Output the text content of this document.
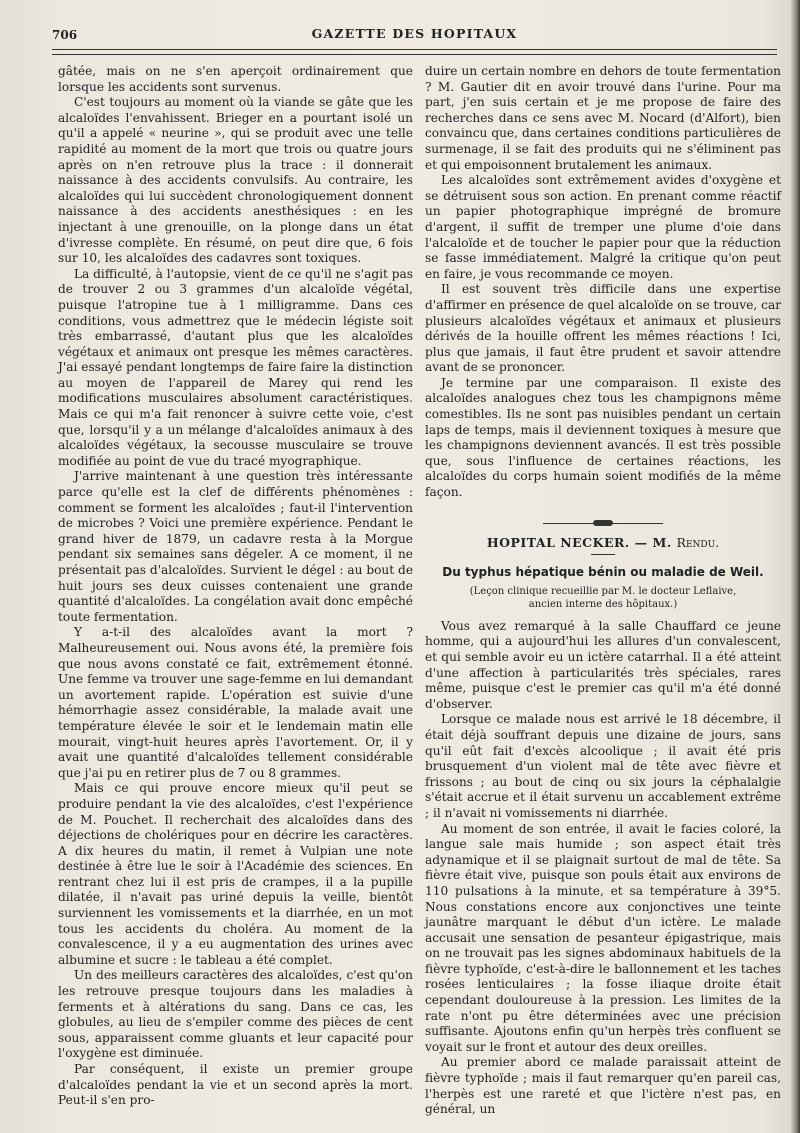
706	GAZETTE DES HOPITAUX

gâtée, mais on ne s'en aperçoit ordinairement que lorsque les accidents sont survenus.

C'est toujours au moment où la viande se gâte que les alcaloïdes l'envahissent. Brieger en a pourtant isolé un qu'il a appelé « neurine », qui se produit avec une telle rapidité au moment de la mort que trois ou quatre jours après on n'en retrouve plus la trace : il donnerait naissance à des accidents convulsifs. Au contraire, les alcaloïdes qui lui succèdent chronologiquement donnent naissance à des accidents anesthésiques : en les injectant à une grenouille, on la plonge dans un état d'ivresse complète. En résumé, on peut dire que, 6 fois sur 10, les alcaloïdes des cadavres sont toxiques.

La difficulté, à l'autopsie, vient de ce qu'il ne s'agit pas de trouver 2 ou 3 grammes d'un alcaloïde végétal, puisque l'atropine tue à 1 milligramme. Dans ces conditions, vous admettrez que le médecin légiste soit très embarrassé, d'autant plus que les alcaloïdes végétaux et animaux ont presque les mêmes caractères. J'ai essayé pendant longtemps de faire faire la distinction au moyen de l'appareil de Marey qui rend les modifications musculaires absolument caractéristiques. Mais ce qui m'a fait renoncer à suivre cette voie, c'est que, lorsqu'il y a un mélange d'alcaloïdes animaux à des alcaloïdes végétaux, la secousse musculaire se trouve modifiée au point de vue du tracé myographique.

J'arrive maintenant à une question très intéressante parce qu'elle est la clef de différents phénomènes : comment se forment les alcaloïdes ; faut-il l'intervention de microbes ? Voici une première expérience. Pendant le grand hiver de 1879, un cadavre resta à la Morgue pendant six semaines sans dégeler. A ce moment, il ne présentait pas d'alcaloïdes. Survient le dégel : au bout de huit jours ses deux cuisses contenaient une grande quantité d'alcaloïdes. La congélation avait donc empêché toute fermentation.

Y a-t-il des alcaloïdes avant la mort ? Malheureusement oui. Nous avons été, la première fois que nous avons constaté ce fait, extrêmement étonné. Une femme va trouver une sage-femme en lui demandant un avortement rapide. L'opération est suivie d'une hémorrhagie assez considérable, la malade avait une température élevée le soir et le lendemain matin elle mourait, vingt-huit heures après l'avortement. Or, il y avait une quantité d'alcaloïdes tellement considérable que j'ai pu en retirer plus de 7 ou 8 grammes.

Mais ce qui prouve encore mieux qu'il peut se produire pendant la vie des alcaloïdes, c'est l'expérience de M. Pouchet. Il recherchait des alcaloïdes dans des déjections de cholériques pour en décrire les caractères. A dix heures du matin, il remet à Vulpian une note destinée à être lue le soir à l'Académie des sciences. En rentrant chez lui il est pris de crampes, il a la pupille dilatée, il n'avait pas uriné depuis la veille, bientôt surviennent les vomissements et la diarrhée, en un mot tous les accidents du choléra. Au moment de la convalescence, il y a eu augmentation des urines avec albumine et sucre : le tableau a été complet.

Un des meilleurs caractères des alcaloïdes, c'est qu'on les retrouve presque toujours dans les maladies à ferments et à altérations du sang. Dans ce cas, les globules, au lieu de s'empiler comme des pièces de cent sous, apparaissent comme gluants et leur capacité pour l'oxygène est diminuée.

Par conséquent, il existe un premier groupe d'alcaloïdes pendant la vie et un second après la mort. Peut-il s'en pro-

duire un certain nombre en dehors de toute fermentation ? M. Gautier dit en avoir trouvé dans l'urine. Pour ma part, j'en suis certain et je me propose de faire des recherches dans ce sens avec M. Nocard (d'Alfort), bien convaincu que, dans certaines conditions particulières de surmenage, il se fait des produits qui ne s'éliminent pas et qui empoisonnent brutalement les animaux.

Les alcaloïdes sont extrêmement avides d'oxygène et se détruisent sous son action. En prenant comme réactif un papier photographique imprégné de bromure d'argent, il suffit de tremper une plume d'oie dans l'alcaloïde et de toucher le papier pour que la réduction se fasse immédiatement. Malgré la critique qu'on peut en faire, je vous recommande ce moyen.

Il est souvent très difficile dans une expertise d'affirmer en présence de quel alcaloïde on se trouve, car plusieurs alcaloïdes végétaux et animaux et plusieurs dérivés de la houille offrent les mêmes réactions ! Ici, plus que jamais, il faut être prudent et savoir attendre avant de se prononcer.

Je termine par une comparaison. Il existe des alcaloïdes analogues chez tous les champignons même comestibles. Ils ne sont pas nuisibles pendant un certain laps de temps, mais il deviennent toxiques à mesure que les champignons deviennent avancés. Il est très possible que, sous l'influence de certaines réactions, les alcaloïdes du corps humain soient modifiés de la même façon.

HOPITAL NECKER. — M. Rendu.
Du typhus hépatique bénin ou maladie de Weil.
(Leçon clinique recueillie par M. le docteur Leflaive,
ancien interne des hôpitaux.)

Vous avez remarqué à la salle Chauffard ce jeune homme, qui a aujourd'hui les allures d'un convalescent, et qui semble avoir eu un ictère catarrhal. Il a été atteint d'une affection à particularités très spéciales, rares même, puisque c'est le premier cas qu'il m'a été donné d'observer.

Lorsque ce malade nous est arrivé le 18 décembre, il était déjà souffrant depuis une dizaine de jours, sans qu'il eût fait d'excès alcoolique ; il avait été pris brusquement d'un violent mal de tête avec fièvre et frissons ; au bout de cinq ou six jours la céphalalgie s'était accrue et il était survenu un accablement extrême ; il n'avait ni vomissements ni diarrhée.

Au moment de son entrée, il avait le facies coloré, la langue sale mais humide ; son aspect était très adynamique et il se plaignait surtout de mal de tête. Sa fièvre était vive, puisque son pouls était aux environs de 110 pulsations à la minute, et sa température à 39°5. Nous constations encore aux conjonctives une teinte jaunâtre marquant le début d'un ictère. Le malade accusait une sensation de pesanteur épigastrique, mais on ne trouvait pas les signes abdominaux habituels de la fièvre typhoïde, c'est-à-dire le ballonnement et les taches rosées lenticulaires ; la fosse iliaque droite était cependant douloureuse à la pression. Les limites de la rate n'ont pu être déterminées avec une précision suffisante. Ajoutons enfin qu'un herpès très confluent se voyait sur le front et autour des deux oreilles.

Au premier abord ce malade paraissait atteint de fièvre typhoïde ; mais il faut remarquer qu'en pareil cas, l'herpès est une rareté et que l'ictère n'est pas, en général, un
